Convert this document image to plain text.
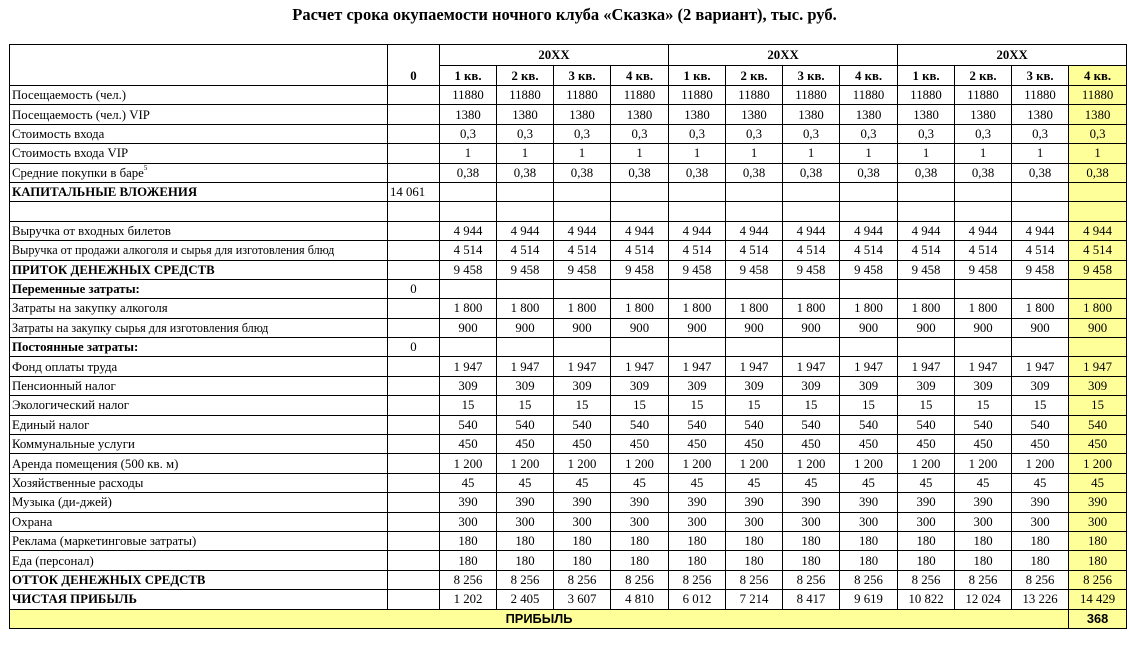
Расчет срока окупаемости ночного клуба «Сказка» (2 вариант), тыс. руб.
	0	20XX				20XX				20XX			
		1 кв.	2 кв.	3 кв.	4 кв.	1 кв.	2 кв.	3 кв.	4 кв.	1 кв.	2 кв.	3 кв.	4 кв.
Посещаемость (чел.)		11880	11880	11880	11880	11880	11880	11880	11880	11880	11880	11880	11880
Посещаемость (чел.) VIP		1380	1380	1380	1380	1380	1380	1380	1380	1380	1380	1380	1380
Стоимость входа		0,3	0,3	0,3	0,3	0,3	0,3	0,3	0,3	0,3	0,3	0,3	0,3
Стоимость входа VIP		1	1	1	1	1	1	1	1	1	1	1	1
Средние покупки в баре$^5$		0,38	0,38	0,38	0,38	0,38	0,38	0,38	0,38	0,38	0,38	0,38	0,38
КАПИТАЛЬНЫЕ ВЛОЖЕНИЯ	14 061												

Выручка от входных билетов		4 944	4 944	4 944	4 944	4 944	4 944	4 944	4 944	4 944	4 944	4 944	4 944
Выручка от продажи алкоголя и сырья для изготовления блюд		4 514	4 514	4 514	4 514	4 514	4 514	4 514	4 514	4 514	4 514	4 514	4 514
ПРИТОК ДЕНЕЖНЫХ СРЕДСТВ		9 458	9 458	9 458	9 458	9 458	9 458	9 458	9 458	9 458	9 458	9 458	9 458
Переменные затраты:	0												
Затраты на закупку алкоголя		1 800	1 800	1 800	1 800	1 800	1 800	1 800	1 800	1 800	1 800	1 800	1 800
Затраты на закупку сырья для изготовления блюд		900	900	900	900	900	900	900	900	900	900	900	900
Постоянные затраты:	0												
Фонд оплаты труда		1 947	1 947	1 947	1 947	1 947	1 947	1 947	1 947	1 947	1 947	1 947	1 947
Пенсионный налог		309	309	309	309	309	309	309	309	309	309	309	309
Экологический налог		15	15	15	15	15	15	15	15	15	15	15	15
Единый налог		540	540	540	540	540	540	540	540	540	540	540	540
Коммунальные услуги		450	450	450	450	450	450	450	450	450	450	450	450
Аренда помещения (500 кв. м)		1 200	1 200	1 200	1 200	1 200	1 200	1 200	1 200	1 200	1 200	1 200	1 200
Хозяйственные расходы		45	45	45	45	45	45	45	45	45	45	45	45
Музыка (ди-джей)		390	390	390	390	390	390	390	390	390	390	390	390
Охрана		300	300	300	300	300	300	300	300	300	300	300	300
Реклама (маркетинговые затраты)		180	180	180	180	180	180	180	180	180	180	180	180
Еда (персонал)		180	180	180	180	180	180	180	180	180	180	180	180
ОТТОК ДЕНЕЖНЫХ СРЕДСТВ		8 256	8 256	8 256	8 256	8 256	8 256	8 256	8 256	8 256	8 256	8 256	8 256
ЧИСТАЯ ПРИБЫЛЬ		1 202	2 405	3 607	4 810	6 012	7 214	8 417	9 619	10 822	12 024	13 226	14 429
ПРИБЫЛЬ													368
